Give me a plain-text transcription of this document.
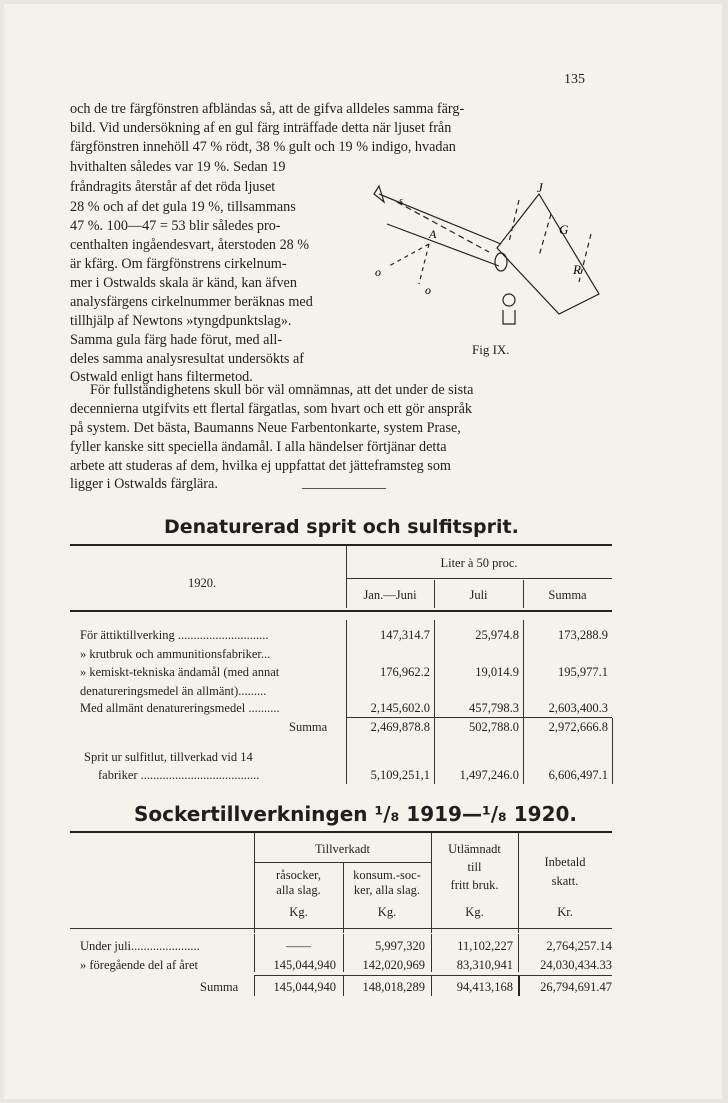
135
och de tre färgfönstren afbländas så, att de gifva alldeles samma färg-
bild. Vid undersökning af en gul färg inträffade detta när ljuset från
färgfönstren innehöll 47 % rödt, 38 % gult och 19 % indigo, hvadan
hvithalten således var 19 %. Sedan 19
fråndragits återstår af det röda ljuset
28 % och af det gula 19 %, tillsammans
47 %. 100—47 = 53 blir således pro-
centhalten ingåendesvart, återstoden 28 %
är kfärg. Om färgfönstrens cirkelnum-
mer i Ostwalds skala är känd, kan äfven
analysfärgens cirkelnummer beräknas med
tillhjälp af Newtons »tyngdpunktslag».
Samma gula färg hade förut, med all-
deles samma analysresultat undersökts af
Ostwald enligt hans filtermetod.
J
G
R
A
o
o
s
Fig IX.
För fullständighetens skull bör väl omnämnas, att det under de sista
decennierna utgifvits ett flertal färgatlas, som hvart och ett gör anspråk
på system. Det bästa, Baumanns Neue Farbentonkarte, system Prase,
fyller kanske sitt speciella ändamål. I alla händelser förtjänar detta
arbete att studeras af dem, hvilka ej uppfattat det jätteframsteg som
ligger i Ostwalds färglära.
Denaturerad sprit och sulfitsprit.
Liter à 50 proc.
1920.
Jan.—Juni	Juli	Summa
För ättiktillverking .............................	147,314.7	25,974.8	173,288.9
» krutbruk och ammunitionsfabriker...
» kemiskt-tekniska ändamål (med annat	176,962.2	19,014.9	195,977.1
denatureringsmedel än allmänt).........
Med allmänt denatureringsmedel ..........	2,145,602.0	457,798.3	2,603,400.3
Summa	2,469,878.8	502,788.0	2,972,666.8
Sprit ur sulfitlut, tillverkad vid 14
fabriker ......................................	5,109,251,1	1,497,246.0	6,606,497.1
Sockertillverkningen ¹/₈ 1919—¹/₈ 1920.
Tillverkadt
råsocker,
alla slag.
konsum.-soc-
ker, alla slag.
Utlämnadt
till
fritt bruk.
Inbetald
skatt.
Kg.	Kg.	Kg.	Kr.
Under juli......................	——	5,997,320	11,102,227	2,764,257.14
» föregående del af året	145,044,940	142,020,969	83,310,941	24,030,434.33
Summa	145,044,940	148,018,289	94,413,168	26,794,691.47
